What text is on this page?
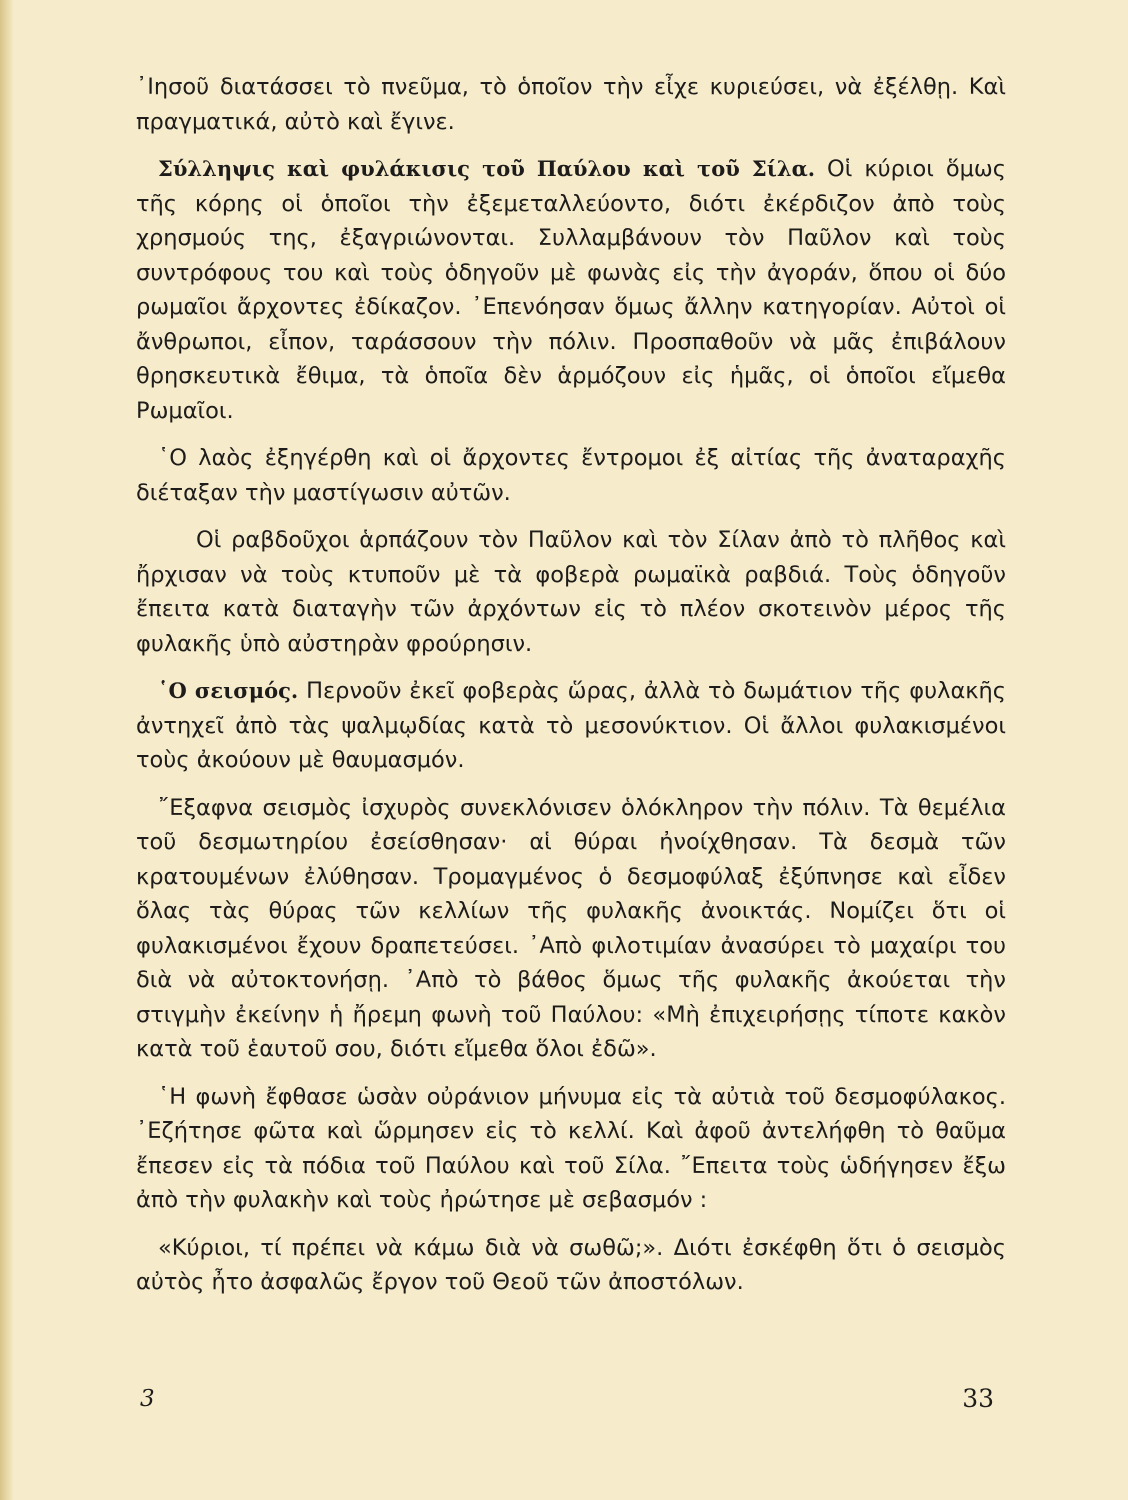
᾽Ιησοῦ διατάσσει τὸ πνεῦμα, τὸ ὁποῖον τὴν εἶχε κυριεύσει, νὰ ἐξέλθῃ. Καὶ πραγματικά, αὐτὸ καὶ ἔγινε.

Σύλληψις καὶ φυλάκισις τοῦ Παύλου καὶ τοῦ Σίλα. Οἱ κύριοι ὅμως τῆς κόρης οἱ ὁποῖοι τὴν ἐξεμεταλλεύοντο, διότι ἐκέρδιζον ἀπὸ τοὺς χρησμούς της, ἐξαγριώνονται. Συλλαμβάνουν τὸν Παῦλον καὶ τοὺς συντρόφους του καὶ τοὺς ὁδηγοῦν μὲ φωνὰς εἰς τὴν ἀγοράν, ὅπου οἱ δύο ρωμαῖοι ἄρχοντες ἐδίκαζον. ᾽Επενόησαν ὅμως ἄλλην κατηγορίαν. Αὐτοὶ οἱ ἄνθρωποι, εἶπον, ταράσσουν τὴν πόλιν. Προσπαθοῦν νὰ μᾶς ἐπιβάλουν θρησκευτικὰ ἔθιμα, τὰ ὁποῖα δὲν ἁρμόζουν εἰς ἡμᾶς, οἱ ὁποῖοι εἴμεθα Ρωμαῖοι.

῾Ο λαὸς ἐξηγέρθη καὶ οἱ ἄρχοντες ἔντρομοι ἐξ αἰτίας τῆς ἀναταραχῆς διέταξαν τὴν μαστίγωσιν αὐτῶν.

Οἱ ραβδοῦχοι ἁρπάζουν τὸν Παῦλον καὶ τὸν Σίλαν ἀπὸ τὸ πλῆθος καὶ ἤρχισαν νὰ τοὺς κτυποῦν μὲ τὰ φοβερὰ ρωμαϊκὰ ραβδιά. Τοὺς ὁδηγοῦν ἔπειτα κατὰ διαταγὴν τῶν ἀρχόντων εἰς τὸ πλέον σκοτεινὸν μέρος τῆς φυλακῆς ὑπὸ αὐστηρὰν φρούρησιν.

῾Ο σεισμός. Περνοῦν ἐκεῖ φοβερὰς ὥρας, ἀλλὰ τὸ δωμάτιον τῆς φυλακῆς ἀντηχεῖ ἀπὸ τὰς ψαλμῳδίας κατὰ τὸ μεσονύκτιον. Οἱ ἄλλοι φυλακισμένοι τοὺς ἀκούουν μὲ θαυμασμόν.

῎Εξαφνα σεισμὸς ἰσχυρὸς συνεκλόνισεν ὁλόκληρον τὴν πόλιν. Τὰ θεμέλια τοῦ δεσμωτηρίου ἐσείσθησαν· αἱ θύραι ἠνοίχθησαν. Τὰ δεσμὰ τῶν κρατουμένων ἐλύθησαν. Τρομαγμένος ὁ δεσμοφύλαξ ἐξύπνησε καὶ εἶδεν ὅλας τὰς θύρας τῶν κελλίων τῆς φυλακῆς ἀνοικτάς. Νομίζει ὅτι οἱ φυλακισμένοι ἔχουν δραπετεύσει. ᾽Απὸ φιλοτιμίαν ἀνασύρει τὸ μαχαίρι του διὰ νὰ αὐτοκτονήσῃ. ᾽Απὸ τὸ βάθος ὅμως τῆς φυλακῆς ἀκούεται τὴν στιγμὴν ἐκείνην ἡ ἤρεμη φωνὴ τοῦ Παύλου: «Μὴ ἐπιχειρήσῃς τίποτε κακὸν κατὰ τοῦ ἑαυτοῦ σου, διότι εἴμεθα ὅλοι ἐδῶ».

῾Η φωνὴ ἔφθασε ὡσὰν οὐράνιον μήνυμα εἰς τὰ αὐτιὰ τοῦ δεσμοφύλακος. ᾽Εζήτησε φῶτα καὶ ὥρμησεν εἰς τὸ κελλί. Καὶ ἀφοῦ ἀντελήφθη τὸ θαῦμα ἔπεσεν εἰς τὰ πόδια τοῦ Παύλου καὶ τοῦ Σίλα. ῎Επειτα τοὺς ὡδήγησεν ἔξω ἀπὸ τὴν φυλακὴν καὶ τοὺς ἠρώτησε μὲ σεβασμόν :

«Κύριοι, τί πρέπει νὰ κάμω διὰ νὰ σωθῶ;». Διότι ἐσκέφθη ὅτι ὁ σεισμὸς αὐτὸς ἦτο ἀσφαλῶς ἔργον τοῦ Θεοῦ τῶν ἀποστόλων.

3	33
